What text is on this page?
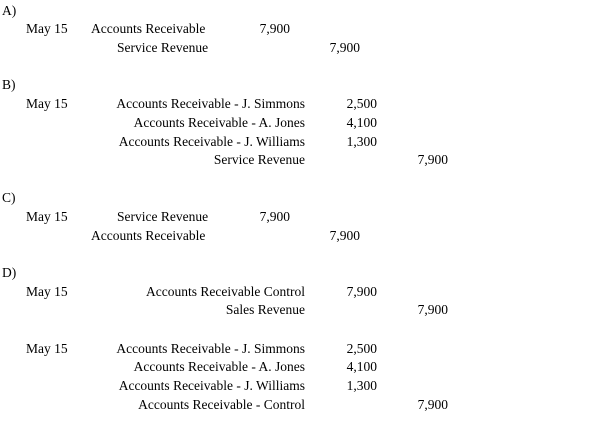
A)
May 15 Accounts Receivable	7,900
Service Revenue	7,900
B)
May 15	Accounts Receivable - J. Simmons	2,500
Accounts Receivable - A. Jones	4,100
Accounts Receivable - J. Williams	1,300
Service Revenue	7,900
C)
May 15	Service Revenue	7,900
Accounts Receivable	7,900
D)
May 15	Accounts Receivable Control	7,900
Sales Revenue	7,900
May 15	Accounts Receivable - J. Simmons	2,500
Accounts Receivable - A. Jones	4,100
Accounts Receivable - J. Williams	1,300
Accounts Receivable - Control	7,900
